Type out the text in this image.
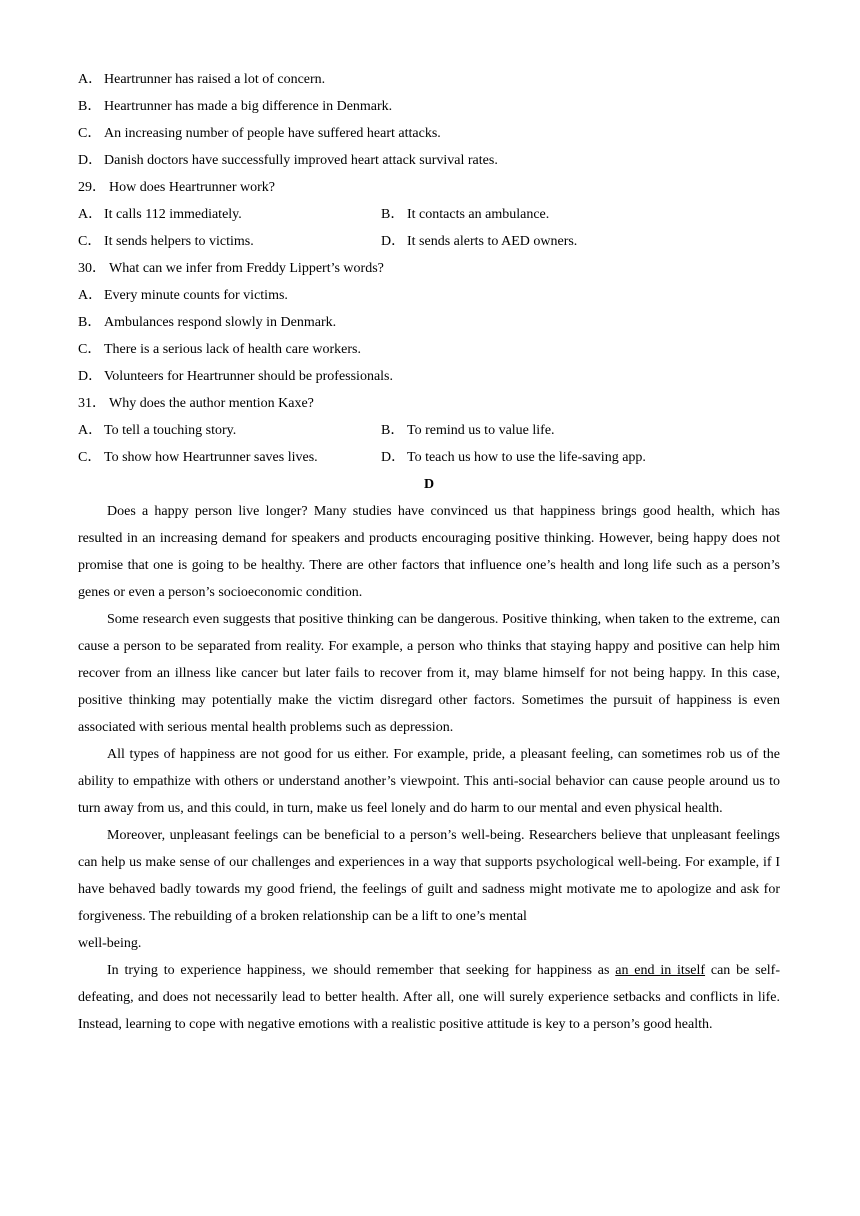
A． Heartrunner has raised a lot of concern.
B． Heartrunner has made a big difference in Denmark.
C． An increasing number of people have suffered heart attacks.
D． Danish doctors have successfully improved heart attack survival rates.
29． How does Heartrunner work?
A． It calls 112 immediately.	B． It contacts an ambulance.
C． It sends helpers to victims.	D． It sends alerts to AED owners.
30． What can we infer from Freddy Lippert’s words?
A． Every minute counts for victims.
B． Ambulances respond slowly in Denmark.
C． There is a serious lack of health care workers.
D． Volunteers for Heartrunner should be professionals.
31． Why does the author mention Kaxe?
A． To tell a touching story.	B． To remind us to value life.
C． To show how Heartrunner saves lives.	D． To teach us how to use the life-saving app.
D

Does a happy person live longer? Many studies have convinced us that happiness brings good health, which has resulted in an increasing demand for speakers and products encouraging positive thinking. However, being happy does not promise that one is going to be healthy. There are other factors that influence one’s health and long life such as a person’s genes or even a person’s socioeconomic condition.

Some research even suggests that positive thinking can be dangerous. Positive thinking, when taken to the extreme, can cause a person to be separated from reality. For example, a person who thinks that staying happy and positive can help him recover from an illness like cancer but later fails to recover from it, may blame himself for not being happy. In this case, positive thinking may potentially make the victim disregard other factors. Sometimes the pursuit of happiness is even associated with serious mental health problems such as depression.

All types of happiness are not good for us either. For example, pride, a pleasant feeling, can sometimes rob us of the ability to empathize with others or understand another’s viewpoint. This anti-social behavior can cause people around us to turn away from us, and this could, in turn, make us feel lonely and do harm to our mental and even physical health.

Moreover, unpleasant feelings can be beneficial to a person’s well-being. Researchers believe that unpleasant feelings can help us make sense of our challenges and experiences in a way that supports psychological well-being. For example, if I have behaved badly towards my good friend, the feelings of guilt and sadness might motivate me to apologize and ask for forgiveness. The rebuilding of a broken relationship can be a lift to one’s mental
well-being.

In trying to experience happiness, we should remember that seeking for happiness as an end in itself can be self-defeating, and does not necessarily lead to better health. After all, one will surely experience setbacks and conflicts in life. Instead, learning to cope with negative emotions with a realistic positive attitude is key to a person’s good health.
